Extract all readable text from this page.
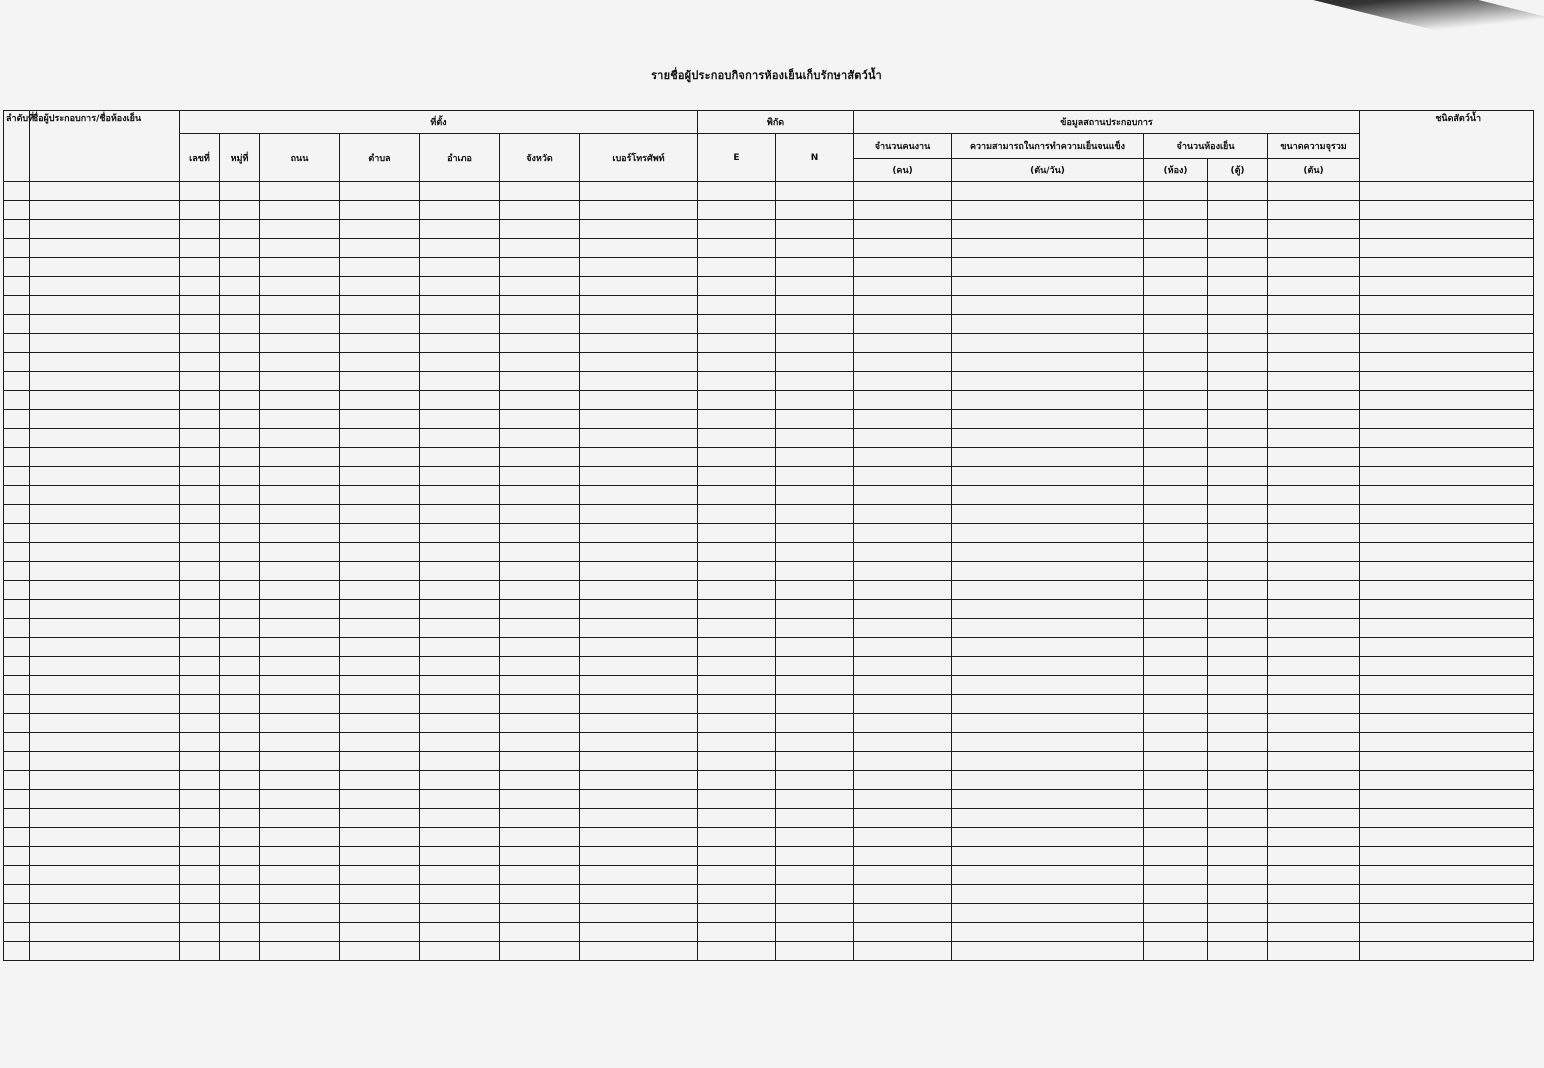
รายชื่อผู้ประกอบกิจการห้องเย็นเก็บรักษาสัตว์น้ำ
ลำดับที่	ชื่อผู้ประกอบการ/ชื่อห้องเย็น	ที่ตั้ง							พิกัด		ข้อมูลสถานประกอบการ					ชนิดสัตว์น้ำ
		เลขที่	หมู่ที่	ถนน	ตำบล	อำเภอ	จังหวัด	เบอร์โทรศัพท์	E	N	จำนวนคนงาน	ความสามารถในการทำความเย็นจนแข็ง	จำนวนห้องเย็น		ขนาดความจุรวม	
											(คน)	(ตัน/วัน)	(ห้อง)	(ตู้)	(ตัน)	
